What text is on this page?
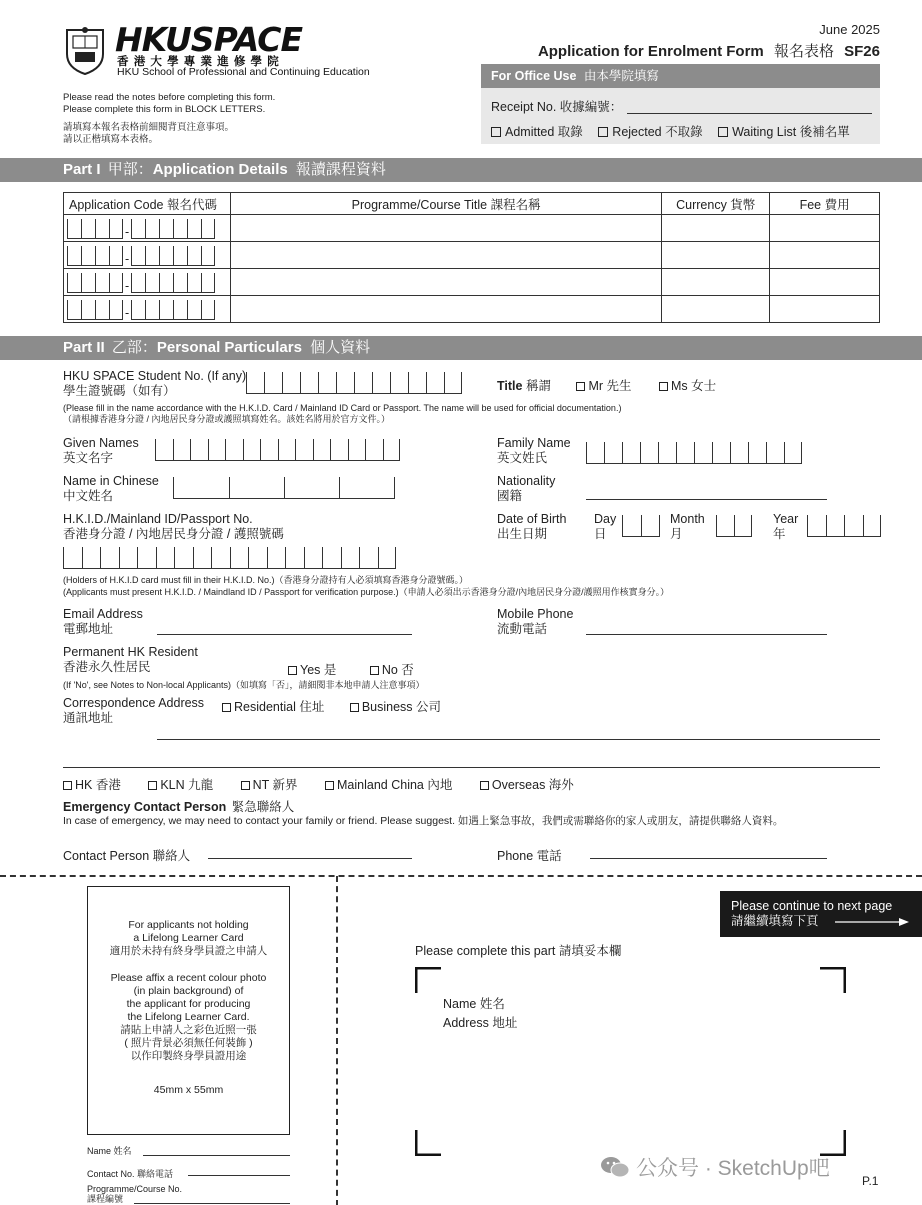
HKUSPACE
香 港 大 學 專 業 進 修 學 院
HKU School of Professional and Continuing Education
June 2025
Application for Enrolment Form 報名表格 SF26
Please read the notes before completing this form.
Please complete this form in BLOCK LETTERS.
請填寫本報名表格前細閱背頁注意事項。
請以正楷填寫本表格。
For Office Use 由本學院填寫
Receipt No. 收據編號：
Admitted 取錄 Rejected 不取錄 Waiting List 後補名單
Part I 甲部：Application Details 報讀課程資料
Application Code 報名代碼	Programme/Course Title 課程名稱	Currency 貨幣	Fee 費用

-			

-			

-			

-			

Part II 乙部：Personal Particulars 個人資料
HKU SPACE Student No. (If any)
學生證號碼（如有）	Title 稱謂	Mr 先生	Ms 女士
(Please fill in the name accordance with the H.K.I.D. Card / Mainland ID Card or Passport. The name will be used for official documentation.)
（請根據香港身分證 / 內地居民身分證或護照填寫姓名。該姓名將用於官方文件。）
Given Names
英文名字
Family Name
英文姓氏
Name in Chinese
中文姓名
Nationality
國籍
H.K.I.D./Mainland ID/Passport No.
香港身分證 / 內地居民身分證 / 護照號碼
Date of Birth
出生日期
Day
日
Month
月
Year
年
(Holders of H.K.I.D card must fill in their H.K.I.D. No.)（香港身分證持有人必須填寫香港身分證號碼。）
(Applicants must present H.K.I.D. / Maindland ID / Passport for verification purpose.)（申請人必須出示香港身分證/內地居民身分證/護照用作核實身分。）
Email Address
電郵地址
Mobile Phone
流動電話
Permanent HK Resident
香港永久性居民	Yes 是	No 否
(If 'No', see Notes to Non-local Applicants)（如填寫「否」，請細閱非本地申請人注意事項）
Correspondence Address
通訊地址
Residential 住址	Business 公司
HK 香港	KLN 九龍	NT 新界	Mainland China 內地	Overseas 海外
Emergency Contact Person 緊急聯絡人
In case of emergency, we may need to contact your family or friend. Please suggest. 如遇上緊急事故，我們或需聯絡你的家人或朋友，請提供聯絡人資料。
Contact Person 聯絡人	Phone 電話
For applicants not holding
a Lifelong Learner Card
適用於未持有終身學員證之申請人
Please affix a recent colour photo
(in plain background) of
the applicant for producing
the Lifelong Learner Card.
請貼上申請人之彩色近照一張
( 照片背景必須無任何裝飾 )
以作印製終身學員證用途
45mm x 55mm
Name 姓名
Contact No. 聯絡電話
Programme/Course No.
課程編號
Please continue to next page
請繼續填寫下頁
Please complete this part 請填妥本欄
Name 姓名
Address 地址
公众号 · SketchUp吧
P.1
